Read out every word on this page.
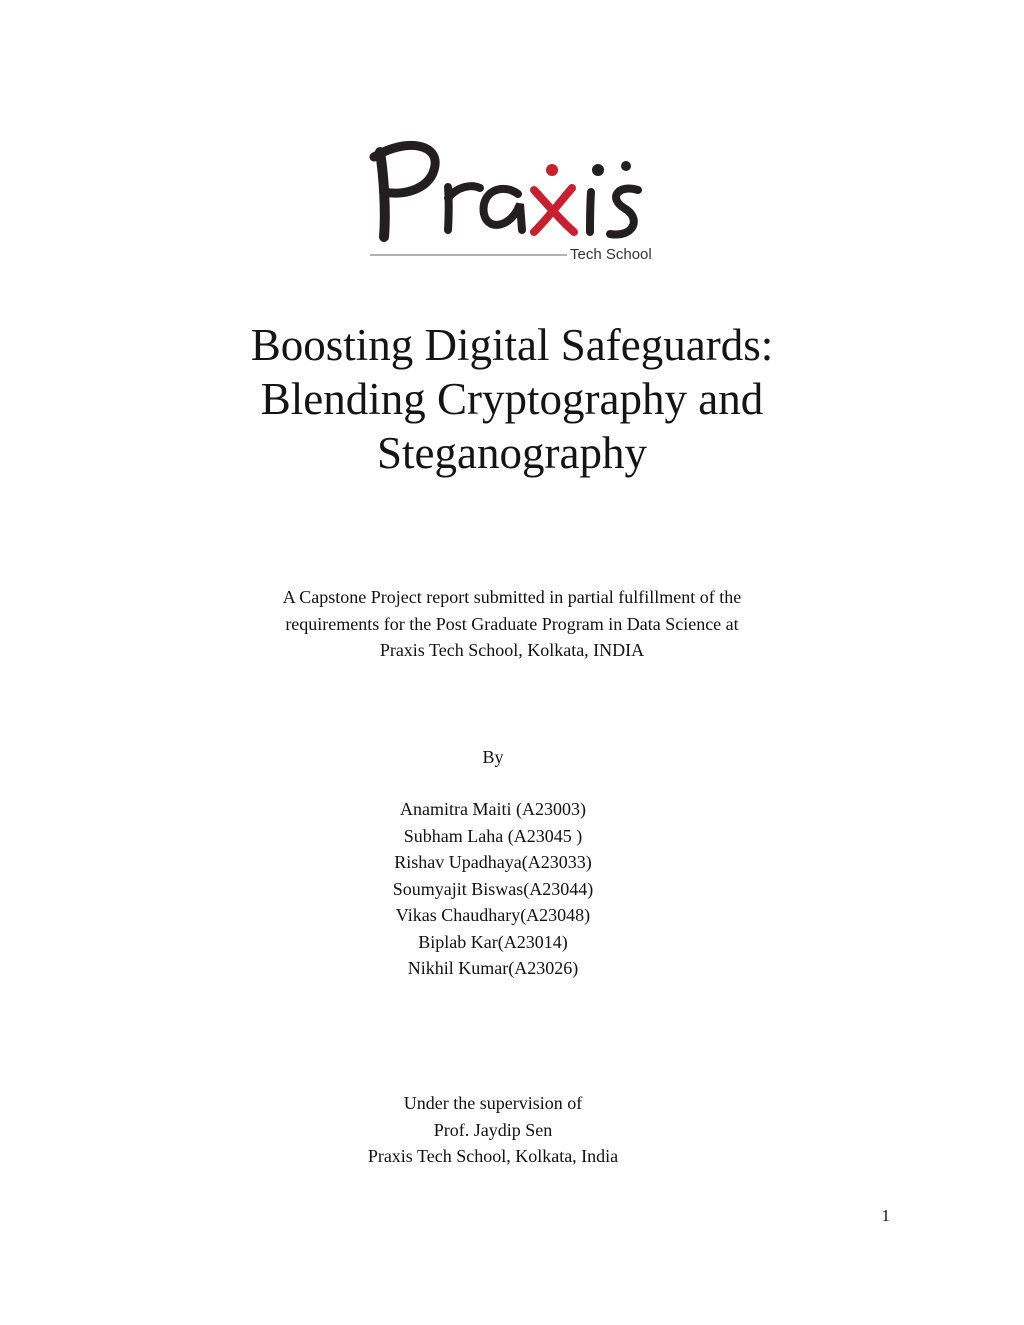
Tech School
Boosting Digital Safeguards:
Blending Cryptography and
Steganography
A Capstone Project report submitted in partial fulfillment of the
requirements for the Post Graduate Program in Data Science at
Praxis Tech School, Kolkata, INDIA
By
Anamitra Maiti (A23003)
Subham Laha (A23045 )
Rishav Upadhaya(A23033)
Soumyajit Biswas(A23044)
Vikas Chaudhary(A23048)
Biplab Kar(A23014)
Nikhil Kumar(A23026)
Under the supervision of
Prof. Jaydip Sen
Praxis Tech School, Kolkata, India
1
